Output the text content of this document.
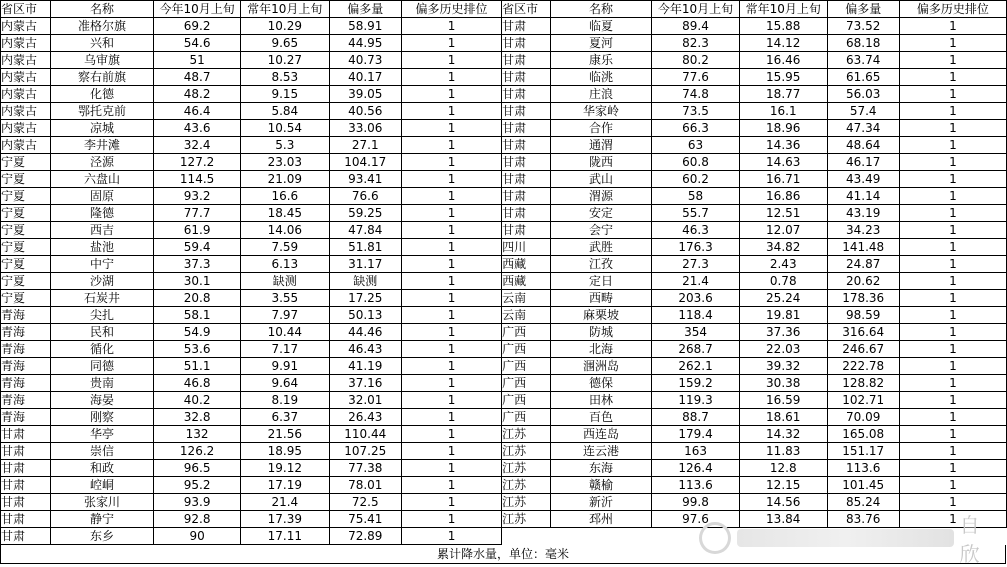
省区市	名称	今年10月上旬	常年10月上旬	偏多量	偏多历史排位	省区市	名称	今年10月上旬	常年10月上旬	偏多量	偏多历史排位
内蒙古	准格尔旗	69.2	10.29	58.91	1	甘肃	临夏	89.4	15.88	73.52	1
内蒙古	兴和	54.6	9.65	44.95	1	甘肃	夏河	82.3	14.12	68.18	1
内蒙古	乌审旗	51	10.27	40.73	1	甘肃	康乐	80.2	16.46	63.74	1
内蒙古	察右前旗	48.7	8.53	40.17	1	甘肃	临洮	77.6	15.95	61.65	1
内蒙古	化德	48.2	9.15	39.05	1	甘肃	庄浪	74.8	18.77	56.03	1
内蒙古	鄂托克前	46.4	5.84	40.56	1	甘肃	华家岭	73.5	16.1	57.4	1
内蒙古	凉城	43.6	10.54	33.06	1	甘肃	合作	66.3	18.96	47.34	1
内蒙古	李井滩	32.4	5.3	27.1	1	甘肃	通渭	63	14.36	48.64	1
宁夏	泾源	127.2	23.03	104.17	1	甘肃	陇西	60.8	14.63	46.17	1
宁夏	六盘山	114.5	21.09	93.41	1	甘肃	武山	60.2	16.71	43.49	1
宁夏	固原	93.2	16.6	76.6	1	甘肃	渭源	58	16.86	41.14	1
宁夏	隆德	77.7	18.45	59.25	1	甘肃	安定	55.7	12.51	43.19	1
宁夏	西吉	61.9	14.06	47.84	1	甘肃	会宁	46.3	12.07	34.23	1
宁夏	盐池	59.4	7.59	51.81	1	四川	武胜	176.3	34.82	141.48	1
宁夏	中宁	37.3	6.13	31.17	1	西藏	江孜	27.3	2.43	24.87	1
宁夏	沙湖	30.1	缺测	缺测	1	西藏	定日	21.4	0.78	20.62	1
宁夏	石炭井	20.8	3.55	17.25	1	云南	西畴	203.6	25.24	178.36	1
青海	尖扎	58.1	7.97	50.13	1	云南	麻栗坡	118.4	19.81	98.59	1
青海	民和	54.9	10.44	44.46	1	广西	防城	354	37.36	316.64	1
青海	循化	53.6	7.17	46.43	1	广西	北海	268.7	22.03	246.67	1
青海	同德	51.1	9.91	41.19	1	广西	涠洲岛	262.1	39.32	222.78	1
青海	贵南	46.8	9.64	37.16	1	广西	德保	159.2	30.38	128.82	1
青海	海晏	40.2	8.19	32.01	1	广西	田林	119.3	16.59	102.71	1
青海	刚察	32.8	6.37	26.43	1	广西	百色	88.7	18.61	70.09	1
甘肃	华亭	132	21.56	110.44	1	江苏	西连岛	179.4	14.32	165.08	1
甘肃	崇信	126.2	18.95	107.25	1	江苏	连云港	163	11.83	151.17	1
甘肃	和政	96.5	19.12	77.38	1	江苏	东海	126.4	12.8	113.6	1
甘肃	崆峒	95.2	17.19	78.01	1	江苏	赣榆	113.6	12.15	101.45	1
甘肃	张家川	93.9	21.4	72.5	1	江苏	新沂	99.8	14.56	85.24	1
甘肃	静宁	92.8	17.39	75.41	1	江苏	邳州	97.6	13.84	83.76	1
甘肃	东乡	90	17.11	72.89	1						
累计降水量，单位：毫米
自欣
